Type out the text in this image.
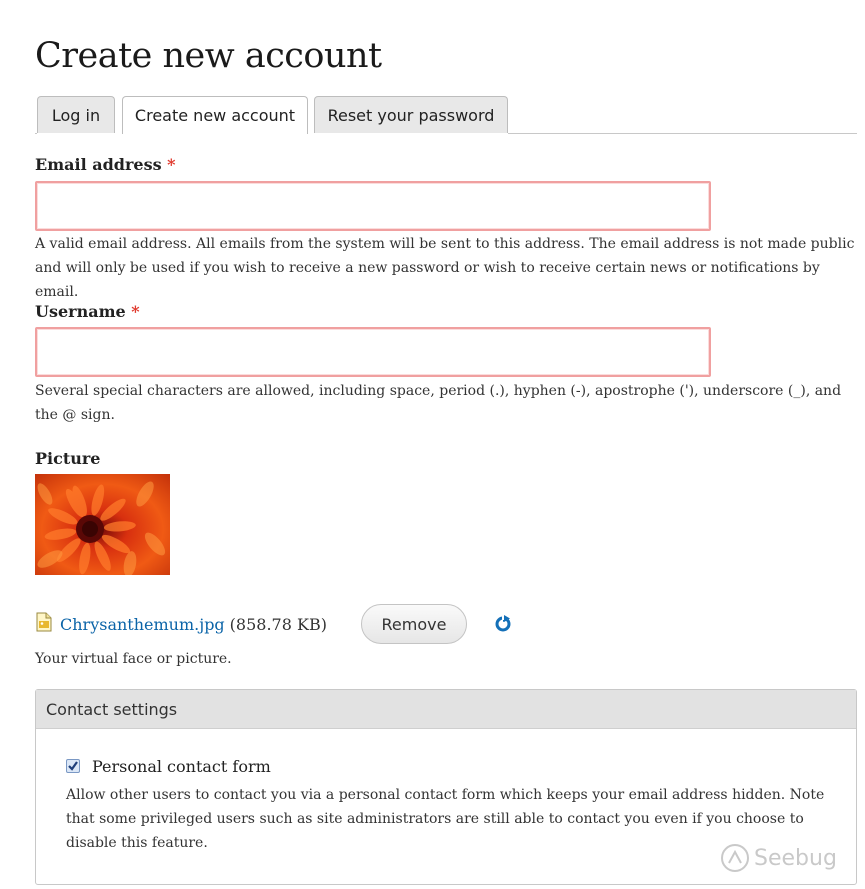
Create new account
Log in	Create new account	Reset your password
Email address *
A valid email address. All emails from the system will be sent to this address. The email address is not made public
and will only be used if you wish to receive a new password or wish to receive certain news or notifications by email.
Username *
Several special characters are allowed, including space, period (.), hyphen (-), apostrophe ('), underscore (_), and
the @ sign.
Picture
Chrysanthemum.jpg (858.78 KB)	Remove
Your virtual face or picture.
Contact settings
Personal contact form
Allow other users to contact you via a personal contact form which keeps your email address hidden. Note
that some privileged users such as site administrators are still able to contact you even if you choose to
disable this feature.
Seebug
